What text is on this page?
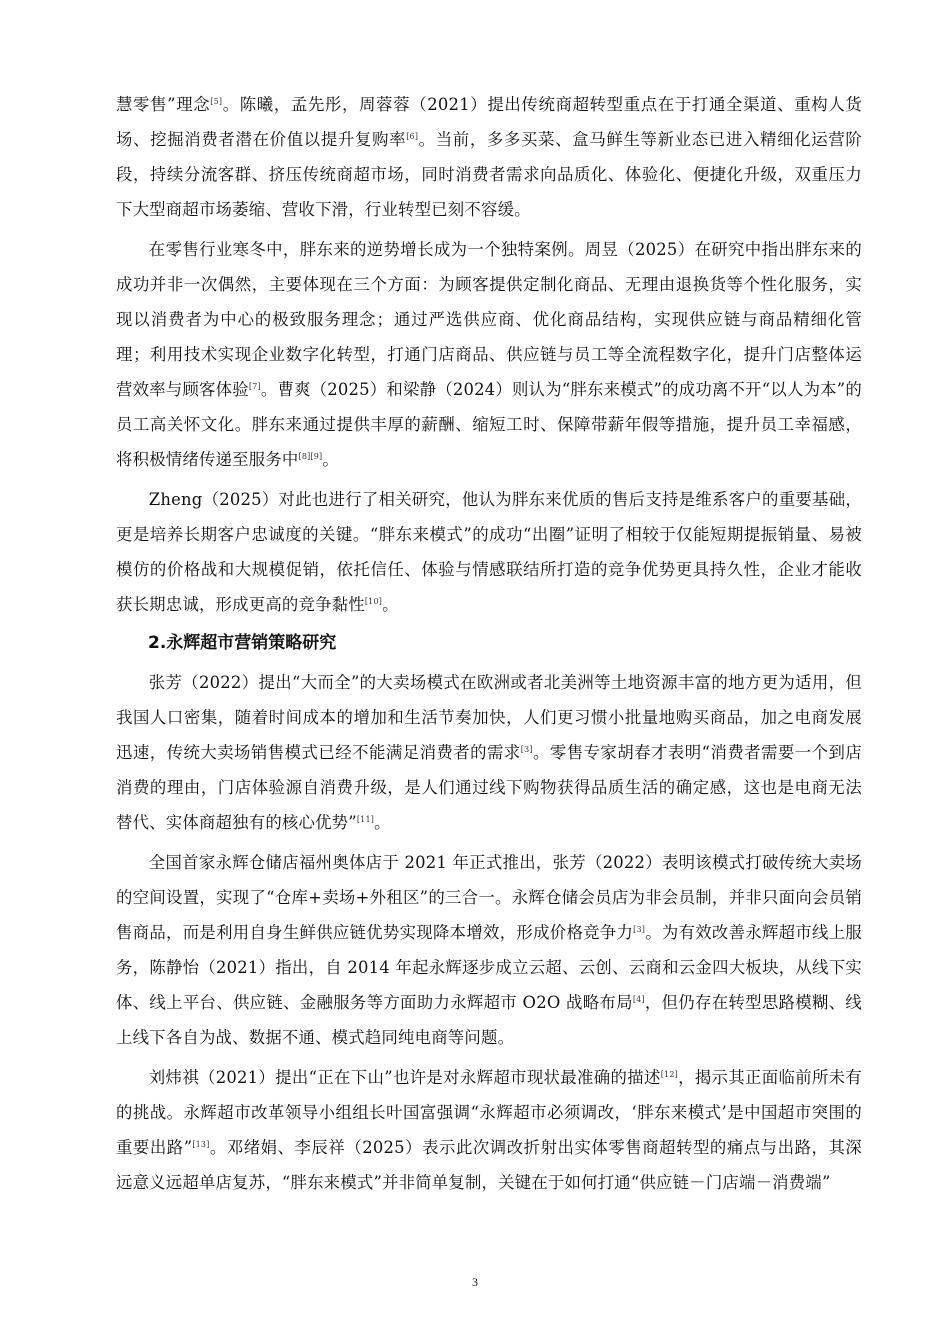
慧零售”理念[5]。陈曦，孟先彤，周蓉蓉（2021）提出传统商超转型重点在于打通全渠道、重构人货场、挖掘消费者潜在价值以提升复购率[6]。当前，多多买菜、盒马鲜生等新业态已进入精细化运营阶段，持续分流客群、挤压传统商超市场，同时消费者需求向品质化、体验化、便捷化升级，双重压力下大型商超市场萎缩、营收下滑，行业转型已刻不容缓。

在零售行业寒冬中，胖东来的逆势增长成为一个独特案例。周昱（2025）在研究中指出胖东来的成功并非一次偶然，主要体现在三个方面：为顾客提供定制化商品、无理由退换货等个性化服务，实现以消费者为中心的极致服务理念；通过严选供应商、优化商品结构，实现供应链与商品精细化管理；利用技术实现企业数字化转型，打通门店商品、供应链与员工等全流程数字化，提升门店整体运营效率与顾客体验[7]。曹爽（2025）和梁静（2024）则认为“胖东来模式”的成功离不开“以人为本”的员工高关怀文化。胖东来通过提供丰厚的薪酬、缩短工时、保障带薪年假等措施，提升员工幸福感，将积极情绪传递至服务中[8][9]。

Zheng（2025）对此也进行了相关研究，他认为胖东来优质的售后支持是维系客户的重要基础，更是培养长期客户忠诚度的关键。“胖东来模式”的成功“出圈”证明了相较于仅能短期提振销量、易被模仿的价格战和大规模促销，依托信任、体验与情感联结所打造的竞争优势更具持久性，企业才能收获长期忠诚，形成更高的竞争黏性[10]。

2.永辉超市营销策略研究

张芳（2022）提出“大而全”的大卖场模式在欧洲或者北美洲等土地资源丰富的地方更为适用，但我国人口密集，随着时间成本的增加和生活节奏加快，人们更习惯小批量地购买商品，加之电商发展迅速，传统大卖场销售模式已经不能满足消费者的需求[3]。零售专家胡春才表明“消费者需要一个到店消费的理由，门店体验源自消费升级，是人们通过线下购物获得品质生活的确定感，这也是电商无法替代、实体商超独有的核心优势”[11]。

全国首家永辉仓储店福州奥体店于 2021 年正式推出，张芳（2022）表明该模式打破传统大卖场的空间设置，实现了“仓库+卖场+外租区”的三合一。永辉仓储会员店为非会员制，并非只面向会员销售商品，而是利用自身生鲜供应链优势实现降本增效，形成价格竞争力[3]。为有效改善永辉超市线上服务，陈静怡（2021）指出，自 2014 年起永辉逐步成立云超、云创、云商和云金四大板块，从线下实体、线上平台、供应链、金融服务等方面助力永辉超市 O2O 战略布局[4]，但仍存在转型思路模糊、线上线下各自为战、数据不通、模式趋同纯电商等问题。

刘炜祺（2021）提出“正在下山”也许是对永辉超市现状最准确的描述[12]，揭示其正面临前所未有的挑战。永辉超市改革领导小组组长叶国富强调“永辉超市必须调改，‘胖东来模式’是中国超市突围的重要出路”[13]。邓绪娟、李辰祥（2025）表示此次调改折射出实体零售商超转型的痛点与出路，其深远意义远超单店复苏，“胖东来模式”并非简单复制，关键在于如何打通“供应链－门店端－消费端”

3
